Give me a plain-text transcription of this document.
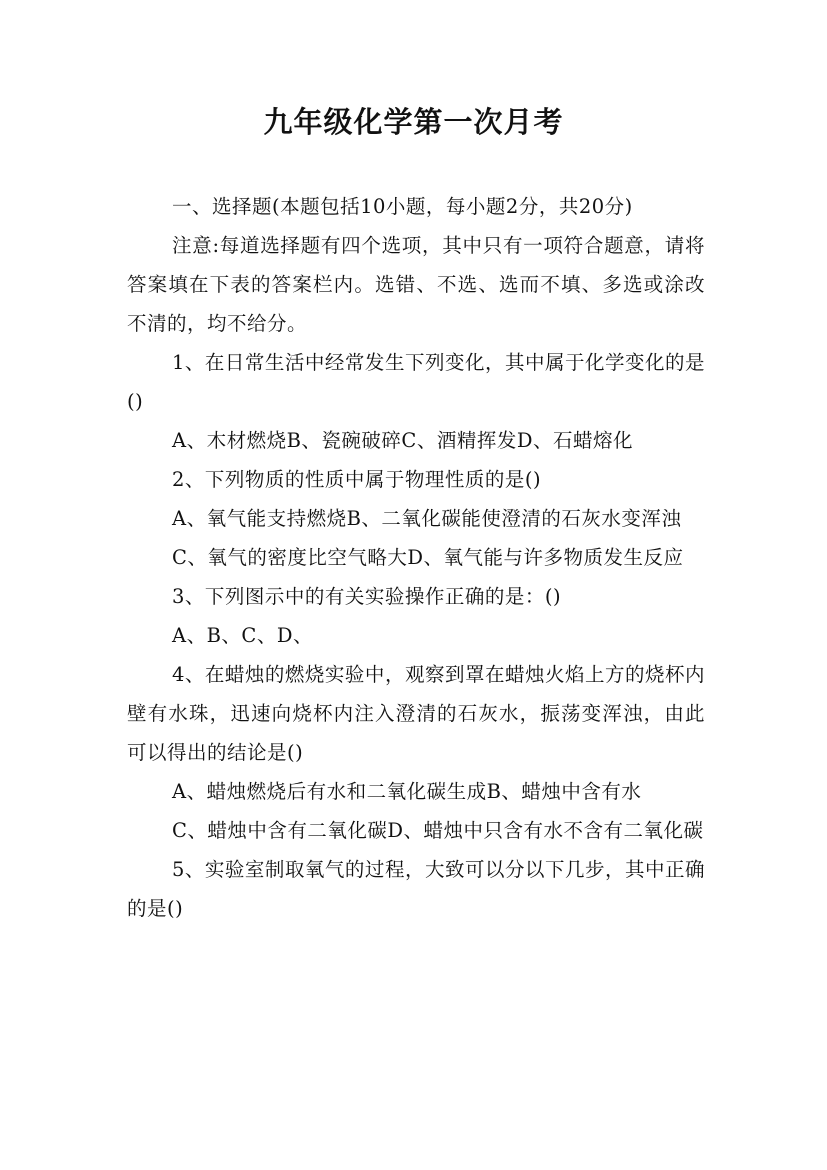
九年级化学第一次月考

一、选择题(本题包括10小题，每小题2分，共20分)

注意:每道选择题有四个选项，其中只有一项符合题意，请将答案填在下表的答案栏内。选错、不选、选而不填、多选或涂改不清的，均不给分。

1、在日常生活中经常发生下列变化，其中属于化学变化的是()

A、木材燃烧B、瓷碗破碎C、酒精挥发D、石蜡熔化

2、下列物质的性质中属于物理性质的是()

A、氧气能支持燃烧B、二氧化碳能使澄清的石灰水变浑浊

C、氧气的密度比空气略大D、氧气能与许多物质发生反应

3、下列图示中的有关实验操作正确的是：()

A、B、C、D、

4、在蜡烛的燃烧实验中，观察到罩在蜡烛火焰上方的烧杯内壁有水珠，迅速向烧杯内注入澄清的石灰水，振荡变浑浊，由此可以得出的结论是()

A、蜡烛燃烧后有水和二氧化碳生成B、蜡烛中含有水

C、蜡烛中含有二氧化碳D、蜡烛中只含有水不含有二氧化碳

5、实验室制取氧气的过程，大致可以分以下几步，其中正确的是()
